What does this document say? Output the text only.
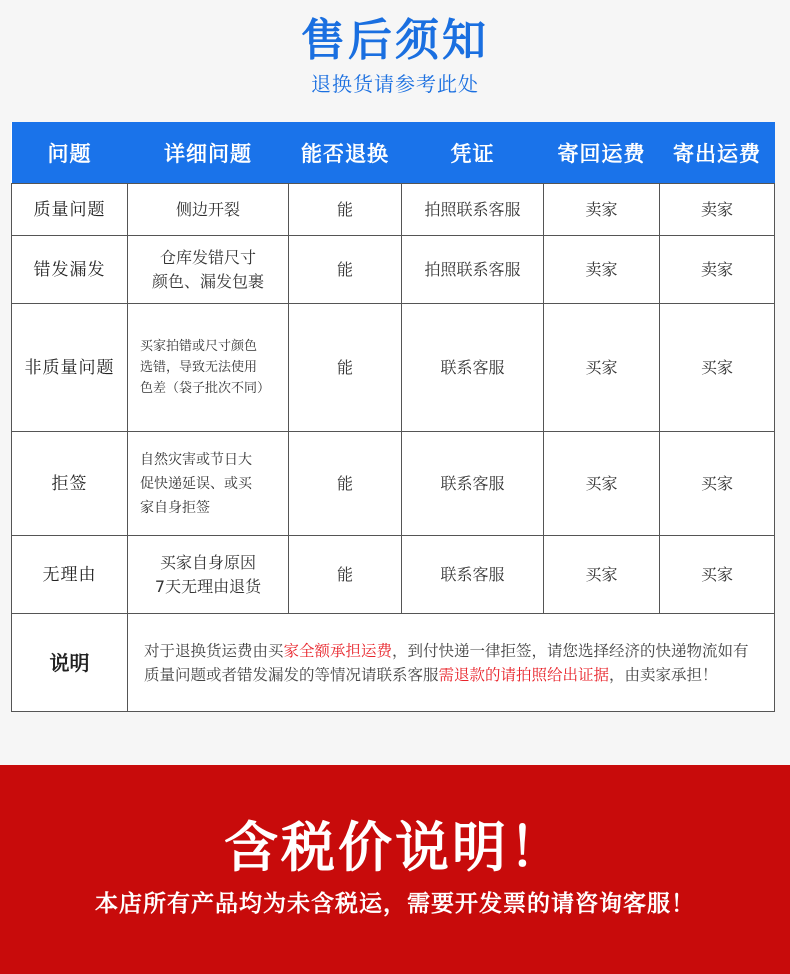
售后须知
退换货请参考此处
问题	详细问题	能否退换	凭证	寄回运费	寄出运费
质量问题	侧边开裂	能	拍照联系客服	卖家	卖家
错发漏发	仓库发错尺寸
颜色、漏发包裹	能	拍照联系客服	卖家	卖家
非质量问题	买家拍错或尺寸颜色
选错，导致无法使用
色差（袋子批次不同）	能	联系客服	买家	买家
拒签	自然灾害或节日大
促快递延误、或买
家自身拒签	能	联系客服	买家	买家
无理由	买家自身原因
7天无理由退货	能	联系客服	买家	买家
说明	对于退换货运费由买家全额承担运费，到付快递一律拒签，请您选择经济的快递物流如有质量问题或者错发漏发的等情况请联系客服需退款的请拍照给出证据，由卖家承担！				
含税价说明！
本店所有产品均为未含税运，需要开发票的请咨询客服！
